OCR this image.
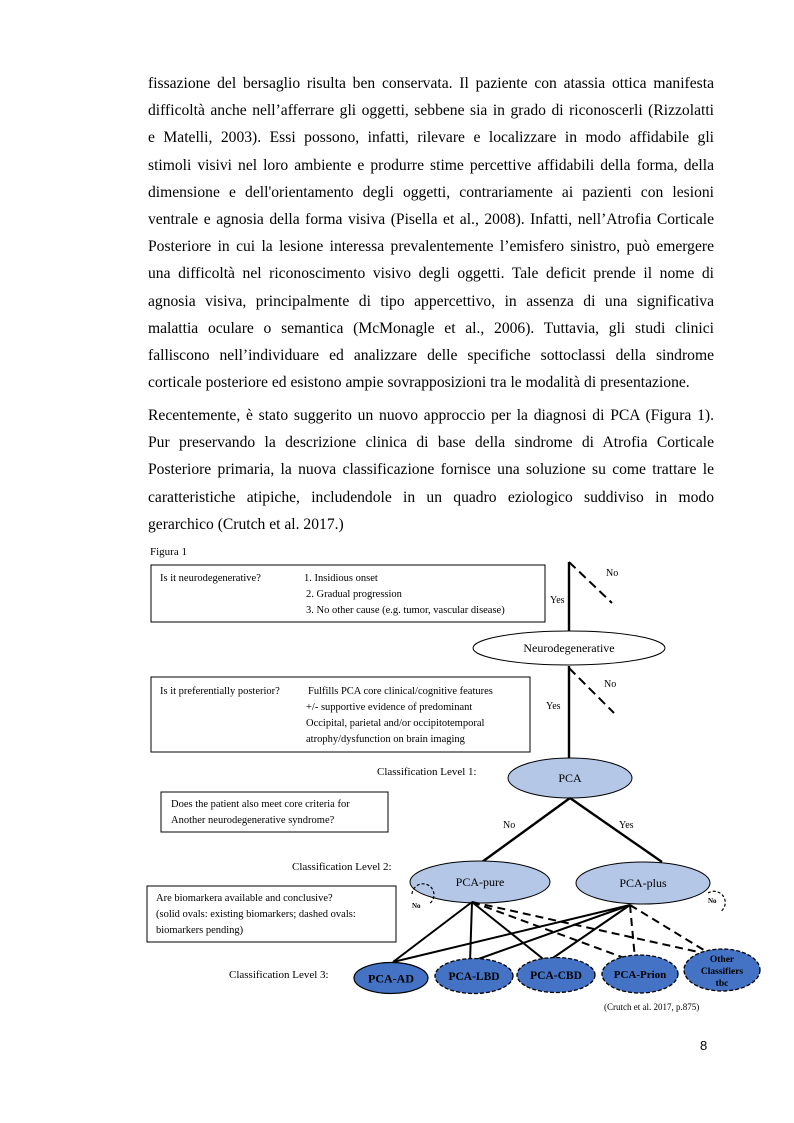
fissazione del bersaglio risulta ben conservata. Il paziente con atassia ottica manifesta
difficoltà anche nell’afferrare gli oggetti, sebbene sia in grado di riconoscerli (Rizzolatti
e Matelli, 2003). Essi possono, infatti, rilevare e localizzare in modo affidabile gli
stimoli visivi nel loro ambiente e produrre stime percettive affidabili della forma, della
dimensione e dell'orientamento degli oggetti, contrariamente ai pazienti con lesioni
ventrale e agnosia della forma visiva (Pisella et al., 2008). Infatti, nell’Atrofia Corticale
Posteriore in cui la lesione interessa prevalentemente l’emisfero sinistro, può emergere
una difficoltà nel riconoscimento visivo degli oggetti. Tale deficit prende il nome di
agnosia visiva, principalmente di tipo appercettivo, in assenza di una significativa
malattia oculare o semantica (McMonagle et al., 2006). Tuttavia, gli studi clinici
falliscono nell’individuare ed analizzare delle specifiche sottoclassi della sindrome
corticale posteriore ed esistono ampie sovrapposizioni tra le modalità di presentazione.
Recentemente, è stato suggerito un nuovo approccio per la diagnosi di PCA (Figura 1).
Pur preservando la descrizione clinica di base della sindrome di Atrofia Corticale
Posteriore primaria, la nuova classificazione fornisce una soluzione su come trattare le
caratteristiche atipiche, includendole in un quadro eziologico suddiviso in modo
gerarchico (Crutch et al. 2017.)
Figura 1
Is it neurodegenerative?	1. Insidious onset
2. Gradual progression
3. No other cause (e.g. tumor, vascular disease)
No
Yes
Neurodegenerative
Is it preferentially posterior?	Fulfills PCA core clinical/cognitive features
+/- supportive evidence of predominant
Occipital, parietal and/or occipitotemporal
atrophy/dysfunction on brain imaging
No
Yes
Classification Level 1:	PCA
Does the patient also meet core criteria for
Another neurodegenerative syndrome?	No	Yes
Classification Level 2:
PCA-pure	PCA-plus
No
No
Are biomarkera available and conclusive?
(solid ovals: existing biomarkers; dashed ovals:
biomarkers pending)
Classification Level 3:	PCA-AD	PCA-LBD	PCA-CBD	PCA-Prion
Other
Classifiers
tbc
(Crutch et al. 2017, p.875)
8
